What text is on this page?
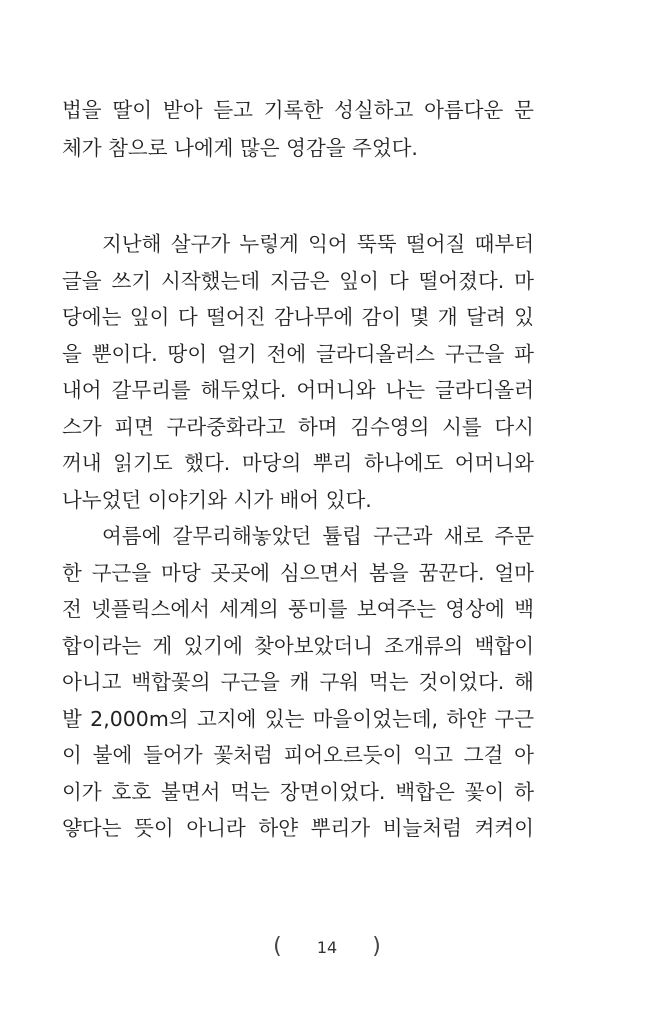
법을 딸이 받아 듣고 기록한 성실하고 아름다운 문
체가 참으로 나에게 많은 영감을 주었다.
지난해 살구가 누렇게 익어 뚝뚝 떨어질 때부터
글을 쓰기 시작했는데 지금은 잎이 다 떨어졌다. 마
당에는 잎이 다 떨어진 감나무에 감이 몇 개 달려 있
을 뿐이다. 땅이 얼기 전에 글라디올러스 구근을 파
내어 갈무리를 해두었다. 어머니와 나는 글라디올러
스가 피면 구라중화라고 하며 김수영의 시를 다시
꺼내 읽기도 했다. 마당의 뿌리 하나에도 어머니와
나누었던 이야기와 시가 배어 있다.
여름에 갈무리해놓았던 튤립 구근과 새로 주문
한 구근을 마당 곳곳에 심으면서 봄을 꿈꾼다. 얼마
전 넷플릭스에서 세계의 풍미를 보여주는 영상에 백
합이라는 게 있기에 찾아보았더니 조개류의 백합이
아니고 백합꽃의 구근을 캐 구워 먹는 것이었다. 해
발 2,000m의 고지에 있는 마을이었는데, 하얀 구근
이 불에 들어가 꽃처럼 피어오르듯이 익고 그걸 아
이가 호호 불면서 먹는 장면이었다. 백합은 꽃이 하
얗다는 뜻이 아니라 하얀 뿌리가 비늘처럼 켜켜이
( 14 )
